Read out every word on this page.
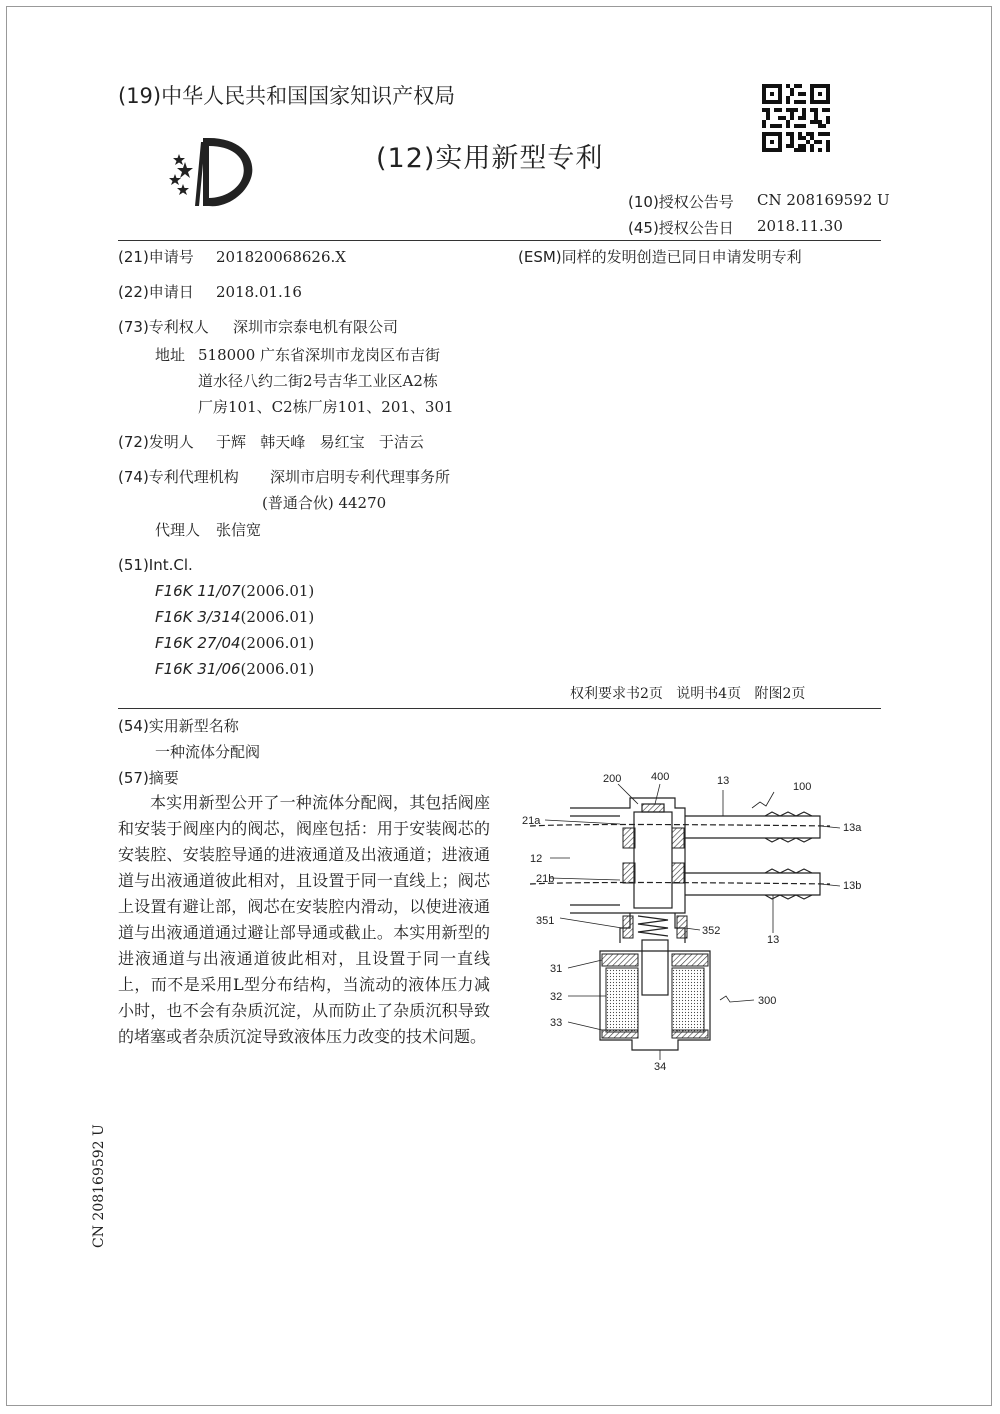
(19)中华人民共和国国家知识产权局
(12)实用新型专利
(10)授权公告号 CN 208169592 U
(45)授权公告日 2018.11.30
(21)申请号 201820068626.X	(ESM)同样的发明创造已同日申请发明专利
(22)申请日 2018.01.16
(73)专利权人 深圳市宗泰电机有限公司
地址 518000 广东省深圳市龙岗区布吉街
道水径八约二街2号吉华工业区A2栋
厂房101、C2栋厂房101、201、301
(72)发明人 于辉   韩天峰   易红宝   于洁云
(74)专利代理机构 深圳市启明专利代理事务所
(普通合伙) 44270
代理人 张信宽
(51)Int.Cl.
F16K 11/07(2006.01)
F16K 3/314(2006.01)
F16K 27/04(2006.01)
F16K 31/06(2006.01)
权利要求书2页   说明书4页   附图2页
(54)实用新型名称
一种流体分配阀
(57)摘要
本实用新型公开了一种流体分配阀，其包括阀座和安装于阀座内的阀芯，阀座包括：用于安装阀芯的安装腔、安装腔导通的进液通道及出液通道；进液通道与出液通道彼此相对，且设置于同一直线上；阀芯上设置有避让部，阀芯在安装腔内滑动，以使进液通道与出液通道通过避让部导通或截止。本实用新型的进液通道与出液通道彼此相对，且设置于同一直线上，而不是采用L型分布结构，当流动的液体压力减小时，也不会有杂质沉淀，从而防止了杂质沉积导致的堵塞或者杂质沉淀导致液体压力改变的技术问题。
200	400	13	100
21a
13a
12
21b
13b
351
13
352
31
32	300
33
34
CN 208169592 U
